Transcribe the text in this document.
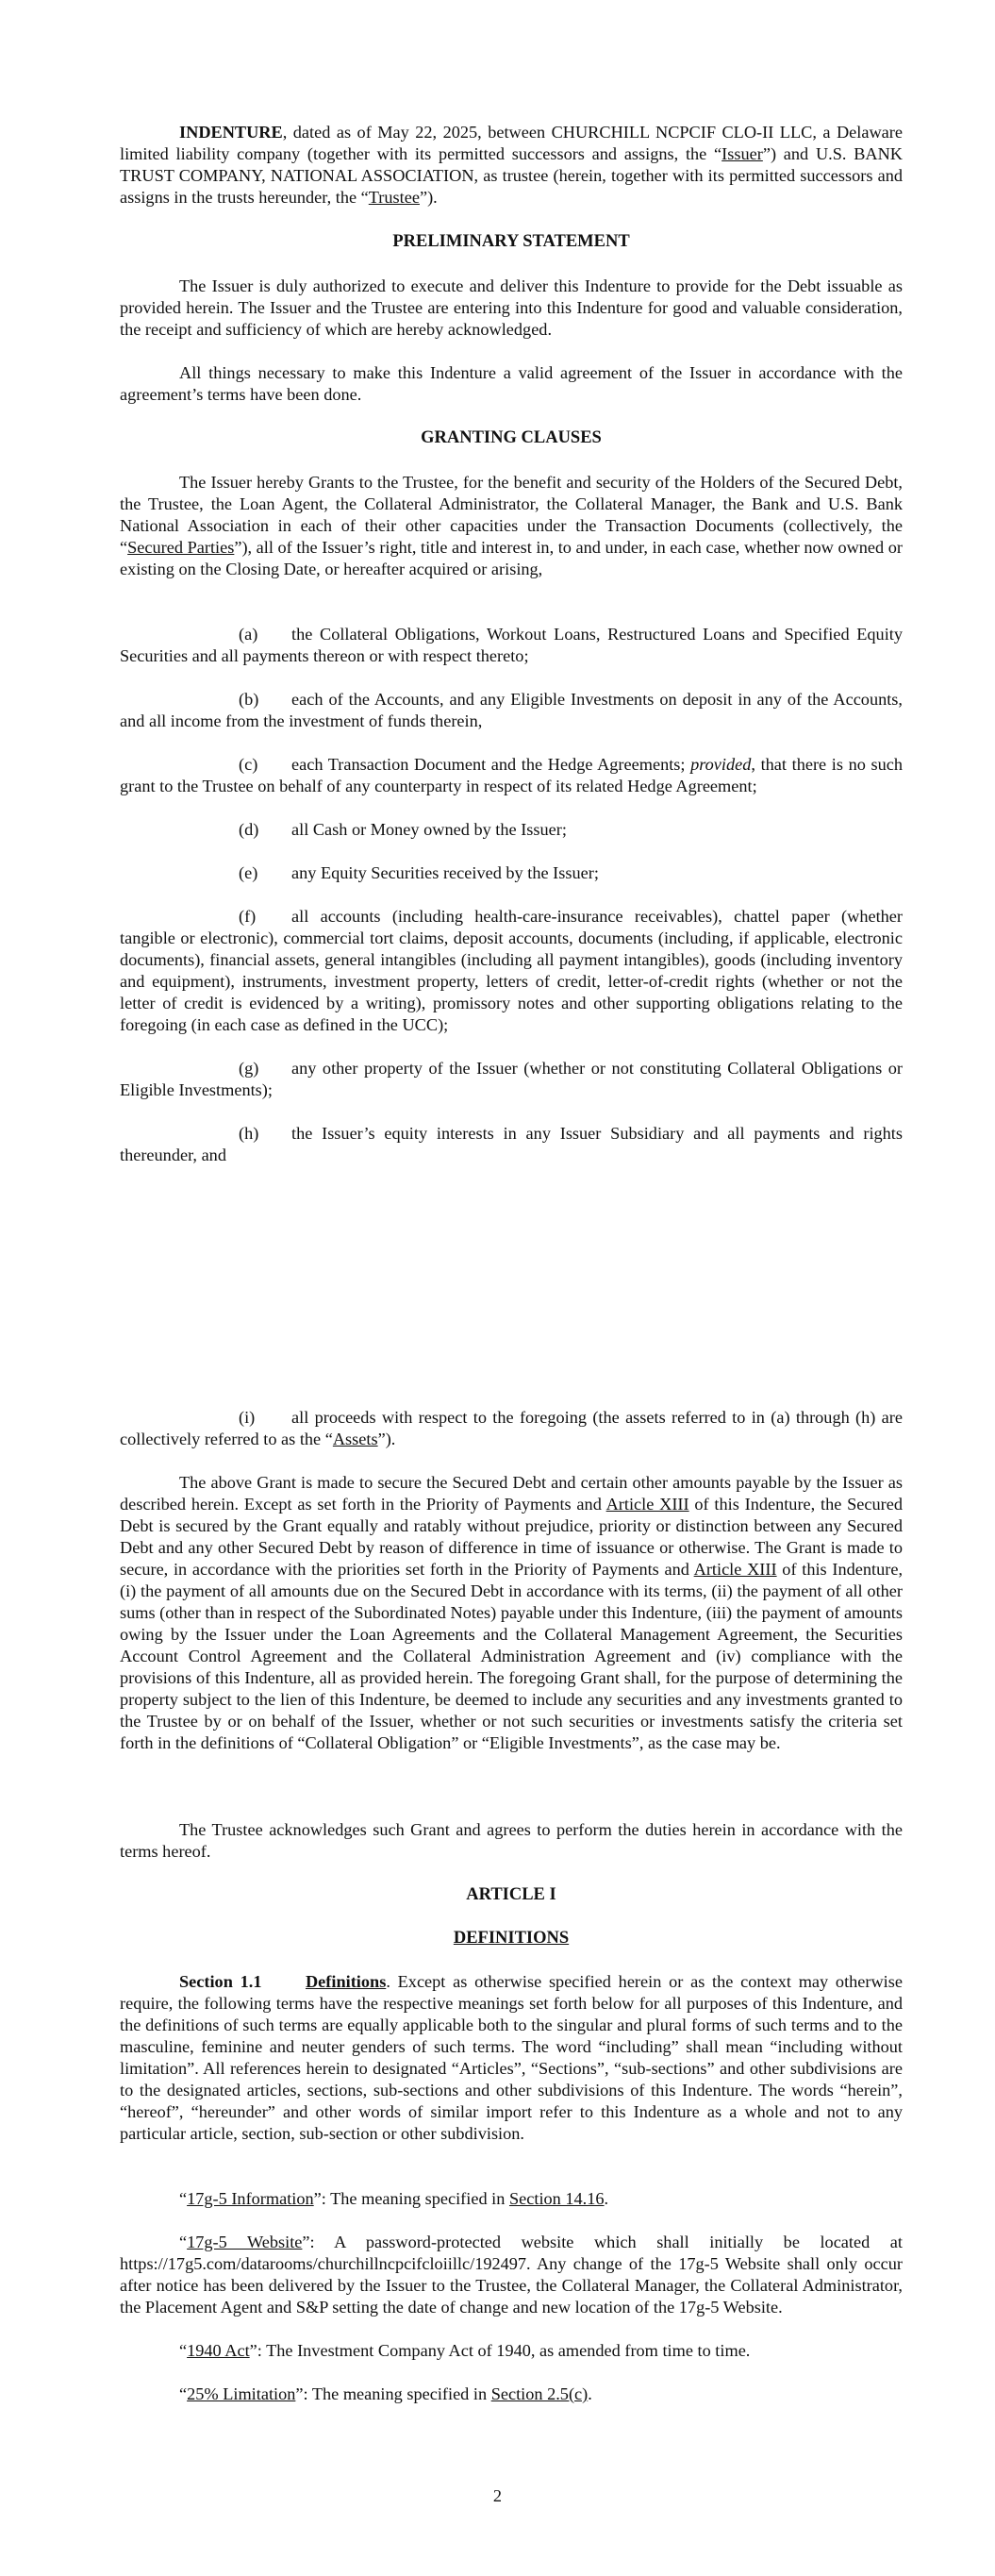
INDENTURE, dated as of May 22, 2025, between CHURCHILL NCPCIF CLO-II LLC, a Delaware limited liability company (together with its permitted successors and assigns, the “Issuer”) and U.S. BANK TRUST COMPANY, NATIONAL ASSOCIATION, as trustee (herein, together with its permitted successors and assigns in the trusts hereunder, the “Trustee”).

PRELIMINARY STATEMENT

The Issuer is duly authorized to execute and deliver this Indenture to provide for the Debt issuable as provided herein. The Issuer and the Trustee are entering into this Indenture for good and valuable consideration, the receipt and sufficiency of which are hereby acknowledged.

All things necessary to make this Indenture a valid agreement of the Issuer in accordance with the agreement’s terms have been done.

GRANTING CLAUSES

The Issuer hereby Grants to the Trustee, for the benefit and security of the Holders of the Secured Debt, the Trustee, the Loan Agent, the Collateral Administrator, the Collateral Manager, the Bank and U.S. Bank National Association in each of their other capacities under the Transaction Documents (collectively, the “Secured Parties”), all of the Issuer’s right, title and interest in, to and under, in each case, whether now owned or existing on the Closing Date, or hereafter acquired or arising,

(a) the Collateral Obligations, Workout Loans, Restructured Loans and Specified Equity Securities and all payments thereon or with respect thereto;

(b) each of the Accounts, and any Eligible Investments on deposit in any of the Accounts, and all income from the investment of funds therein,

(c) each Transaction Document and the Hedge Agreements; provided, that there is no such grant to the Trustee on behalf of any counterparty in respect of its related Hedge Agreement;

(d) all Cash or Money owned by the Issuer;

(e) any Equity Securities received by the Issuer;

(f) all accounts (including health-care-insurance receivables), chattel paper (whether tangible or electronic), commercial tort claims, deposit accounts, documents (including, if applicable, electronic documents), financial assets, general intangibles (including all payment intangibles), goods (including inventory and equipment), instruments, investment property, letters of credit, letter-of-credit rights (whether or not the letter of credit is evidenced by a writing), promissory notes and other supporting obligations relating to the foregoing (in each case as defined in the UCC);

(g) any other property of the Issuer (whether or not constituting Collateral Obligations or Eligible Investments);

(h) the Issuer’s equity interests in any Issuer Subsidiary and all payments and rights thereunder, and

(i) all proceeds with respect to the foregoing (the assets referred to in (a) through (h) are collectively referred to as the “Assets”).

The above Grant is made to secure the Secured Debt and certain other amounts payable by the Issuer as described herein. Except as set forth in the Priority of Payments and Article XIII of this Indenture, the Secured Debt is secured by the Grant equally and ratably without prejudice, priority or distinction between any Secured Debt and any other Secured Debt by reason of difference in time of issuance or otherwise. The Grant is made to secure, in accordance with the priorities set forth in the Priority of Payments and Article XIII of this Indenture, (i) the payment of all amounts due on the Secured Debt in accordance with its terms, (ii) the payment of all other sums (other than in respect of the Subordinated Notes) payable under this Indenture, (iii) the payment of amounts owing by the Issuer under the Loan Agreements and the Collateral Management Agreement, the Securities Account Control Agreement and the Collateral Administration Agreement and (iv) compliance with the provisions of this Indenture, all as provided herein. The foregoing Grant shall, for the purpose of determining the property subject to the lien of this Indenture, be deemed to include any securities and any investments granted to the Trustee by or on behalf of the Issuer, whether or not such securities or investments satisfy the criteria set forth in the definitions of “Collateral Obligation” or “Eligible Investments”, as the case may be.

The Trustee acknowledges such Grant and agrees to perform the duties herein in accordance with the terms hereof.

ARTICLE I
DEFINITIONS

Section 1.1	Definitions. Except as otherwise specified herein or as the context may otherwise require, the following terms have the respective meanings set forth below for all purposes of this Indenture, and the definitions of such terms are equally applicable both to the singular and plural forms of such terms and to the masculine, feminine and neuter genders of such terms. The word “including” shall mean “including without limitation”. All references herein to designated “Articles”, “Sections”, “sub-sections” and other subdivisions are to the designated articles, sections, sub-sections and other subdivisions of this Indenture. The words “herein”, “hereof”, “hereunder” and other words of similar import refer to this Indenture as a whole and not to any particular article, section, sub-section or other subdivision.

“17g-5 Information”: The meaning specified in Section 14.16.

“17g-5 Website”: A password-protected website which shall initially be located at https://17g5.com/datarooms/churchillncpcifcloiillc/192497. Any change of the 17g-5 Website shall only occur after notice has been delivered by the Issuer to the Trustee, the Collateral Manager, the Collateral Administrator, the Placement Agent and S&P setting the date of change and new location of the 17g-5 Website.

“1940 Act”: The Investment Company Act of 1940, as amended from time to time.

“25% Limitation”: The meaning specified in Section 2.5(c).

2
